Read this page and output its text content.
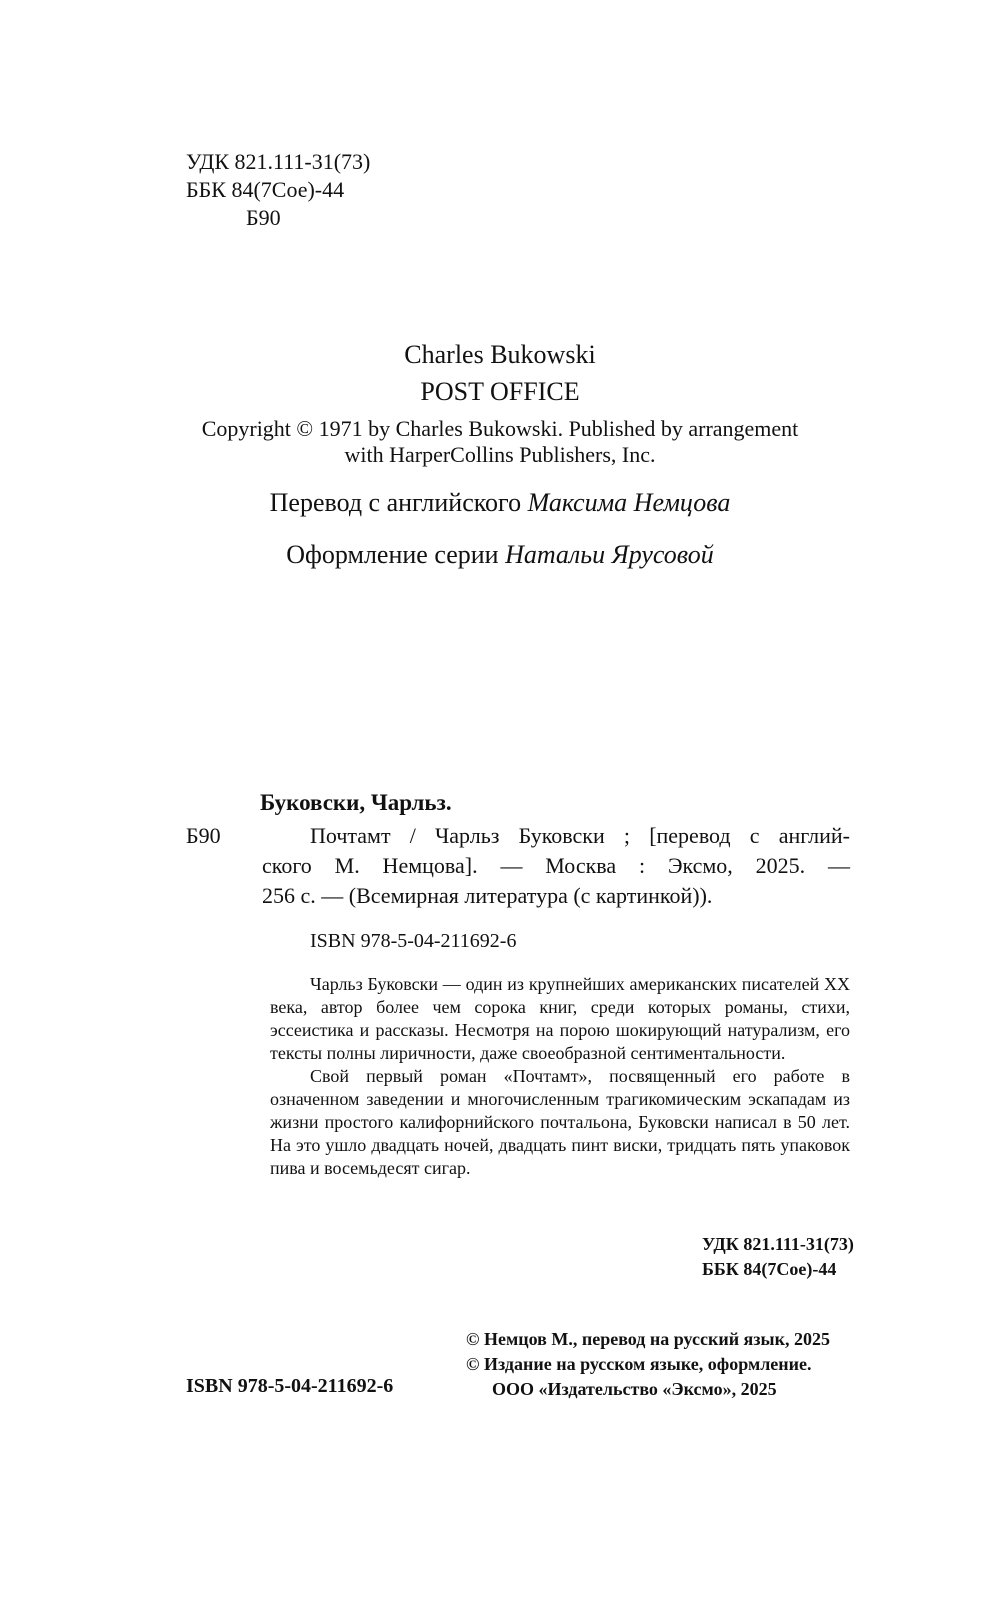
УДК 821.111-31(73)
ББК 84(7Сое)-44
Б90
Charles Bukowski
POST OFFICE
Copyright © 1971 by Charles Bukowski. Published by arrangement
with HarperCollins Publishers, Inc.
Перевод с английского Максима Немцова
Оформление серии Натальи Ярусовой
Буковски, Чарльз.
Б90	Почтамт / Чарльз Буковски ; [перевод с англий-
ского М. Немцова]. — Москва : Эксмо, 2025. —
256 с. — (Всемирная литература (с картинкой)).
ISBN 978-5-04-211692-6

Чарльз Буковски — один из крупнейших американских писателей XX века, автор более чем сорока книг, среди которых романы, стихи, эссеистика и рассказы. Несмотря на порою шокирующий натурализм, его тексты полны лиричности, даже своеобразной сентиментальности.

Свой первый роман «Почтамт», посвященный его работе в означенном заведении и многочисленным трагикомическим эскападам из жизни простого калифорнийского почтальона, Буковски написал в 50 лет. На это ушло двадцать ночей, двадцать пинт виски, тридцать пять упаковок пива и восемьдесят сигар.

УДК 821.111-31(73)
ББК 84(7Сое)-44
© Немцов М., перевод на русский язык, 2025
© Издание на русском языке, оформление.
ООО «Издательство «Эксмо», 2025
ISBN 978-5-04-211692-6
